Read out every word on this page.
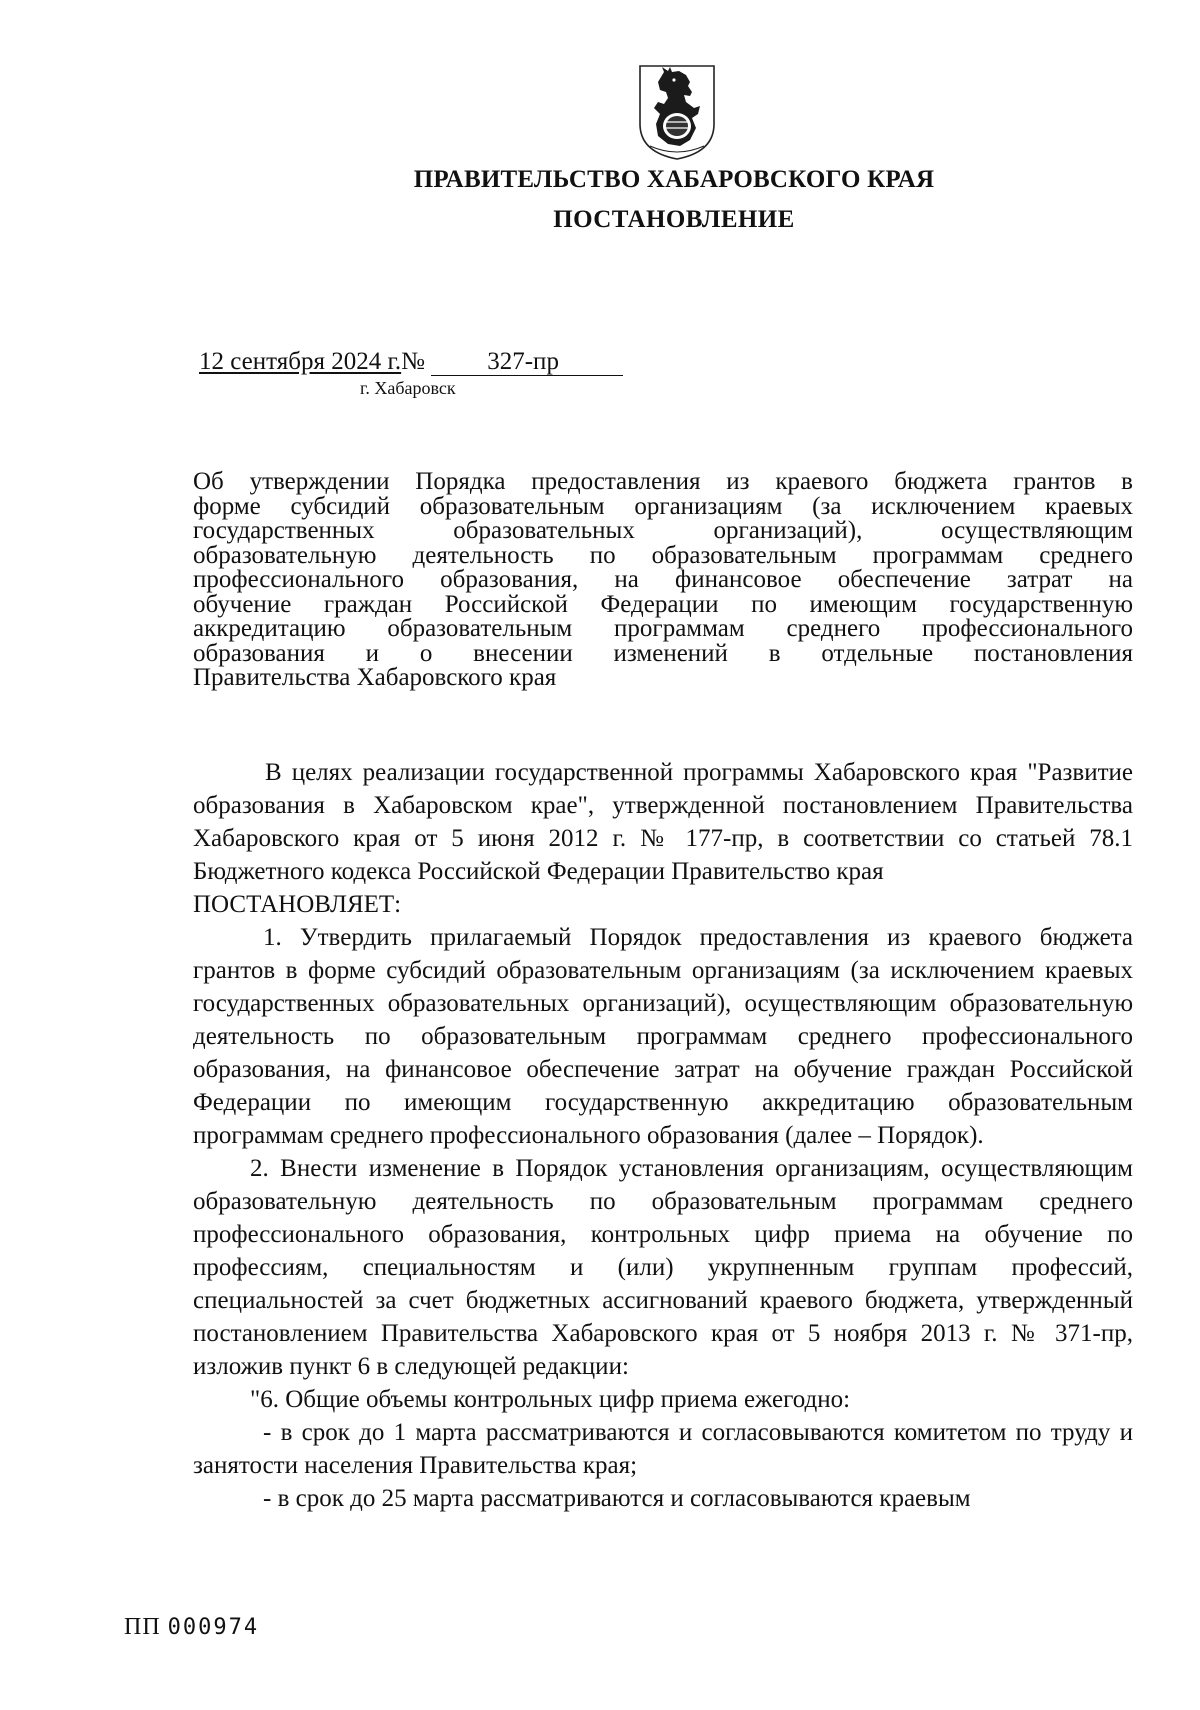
ПРАВИТЕЛЬСТВО ХАБАРОВСКОГО КРАЯ
ПОСТАНОВЛЕНИЕ
12 сентября 2024 г.№ 327-пр
г. Хабаровск
Об утверждении Порядка предоставления из краевого бюджета грантов в
форме субсидий образовательным организациям (за исключением краевых
государственных образовательных организаций), осуществляющим
образовательную деятельность по образовательным программам среднего
профессионального образования, на финансовое обеспечение затрат на
обучение граждан Российской Федерации по имеющим государственную
аккредитацию образовательным программам среднего профессионального
образования и о внесении изменений в отдельные постановления
Правительства Хабаровского края

В целях реализации государственной программы Хабаровского края "Развитие образования в Хабаровском крае", утвержденной постановлением Правительства Хабаровского края от 5 июня 2012 г. № 177-пр, в соответствии со статьей 78.1 Бюджетного кодекса Российской Федерации Правительство края

ПОСТАНОВЛЯЕТ:

1. Утвердить прилагаемый Порядок предоставления из краевого бюджета грантов в форме субсидий образовательным организациям (за исключением краевых государственных образовательных организаций), осуществляющим образовательную деятельность по образовательным программам среднего профессионального образования, на финансовое обеспечение затрат на обучение граждан Российской Федерации по имеющим государственную аккредитацию образовательным программам среднего профессионального образования (далее – Порядок).

2. Внести изменение в Порядок установления организациям, осуществляющим образовательную деятельность по образовательным программам среднего профессионального образования, контрольных цифр приема на обучение по профессиям, специальностям и (или) укрупненным группам профессий, специальностей за счет бюджетных ассигнований краевого бюджета, утвержденный постановлением Правительства Хабаровского края от 5 ноября 2013 г. № 371-пр, изложив пункт 6 в следующей редакции:

"6. Общие объемы контрольных цифр приема ежегодно:

- в срок до 1 марта рассматриваются и согласовываются комитетом по труду и занятости населения Правительства края;

- в срок до 25 марта рассматриваются и согласовываются краевым

ПП 000974
